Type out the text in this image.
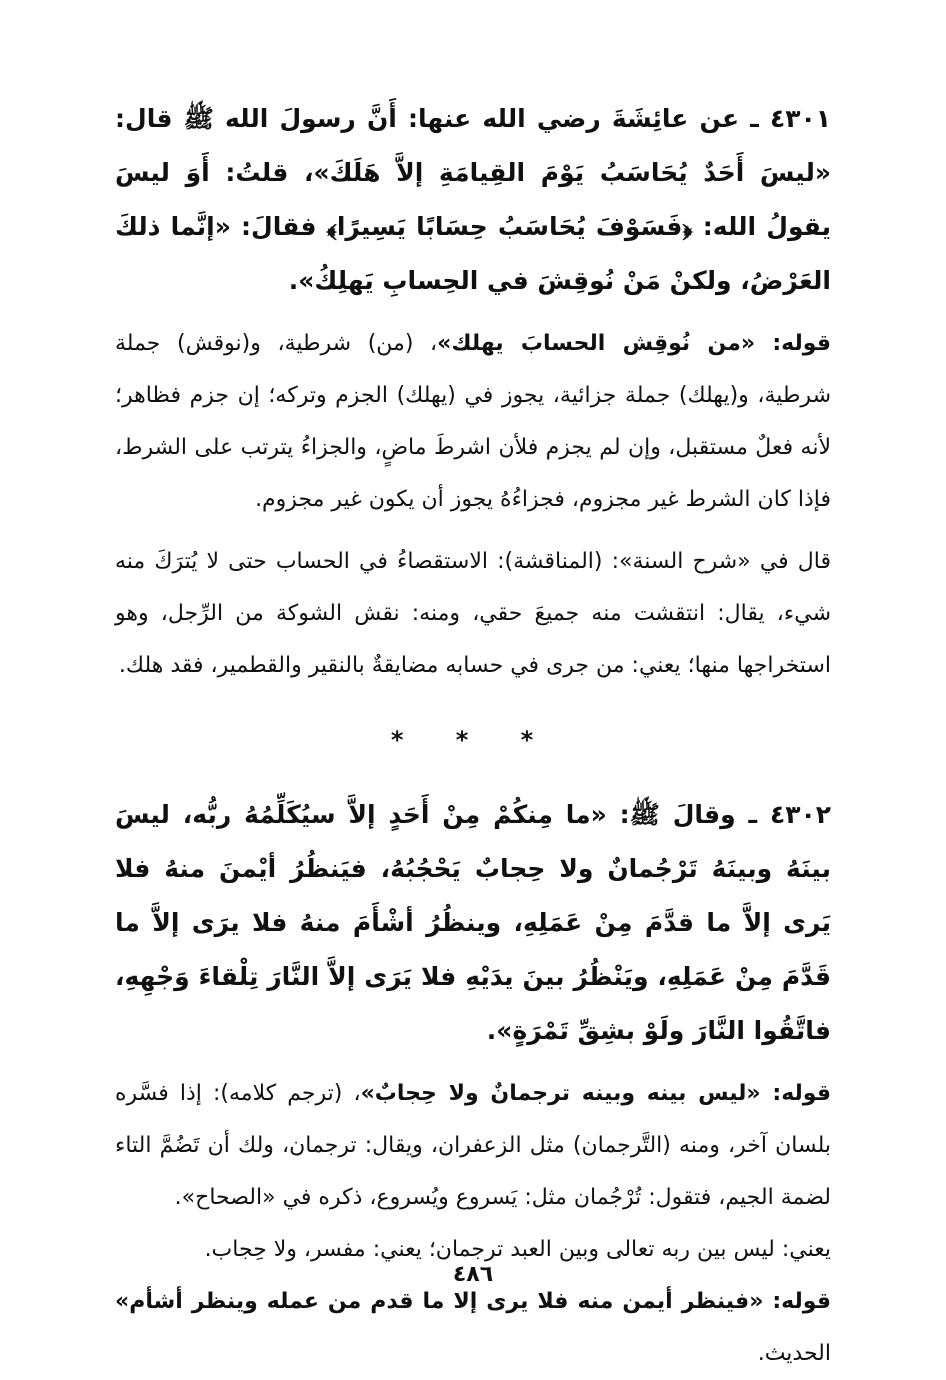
٤٣٠١ ـ عن عائِشَةَ رضي الله عنها: أَنَّ رسولَ الله ﷺ قال: «ليسَ أَحَدٌ يُحَاسَبُ يَوْمَ القِيامَةِ إلاَّ هَلَكَ»، قلتُ: أَوَ ليسَ يقولُ الله: ﴿فَسَوْفَ يُحَاسَبُ حِسَابًا يَسِيرًا﴾ فقالَ: «إنَّما ذلكَ العَرْضُ، ولكنْ مَنْ نُوقِشَ في الحِسابِ يَهلِكُ».

قوله: «من نُوقِش الحسابَ يهلك»، (من) شرطية، و(نوقش) جملة شرطية، و(يهلك) جملة جزائية، يجوز في (يهلك) الجزم وتركه؛ إن جزم فظاهر؛ لأنه فعلٌ مستقبل، وإن لم يجزم فلأن اشرطَ ماضٍ، والجزاءُ يترتب على الشرط، فإذا كان الشرط غير مجزوم، فجزاءُهُ يجوز أن يكون غير مجزوم.

قال في «شرح السنة»: (المناقشة): الاستقصاءُ في الحساب حتى لا يُترَكَ منه شيء، يقال: انتقشت منه جميعَ حقي، ومنه: نقش الشوكة من الرِّجل، وهو استخراجها منها؛ يعني: من جرى في حسابه مضايقةٌ بالنقير والقطمير، فقد هلك.

* * *

٤٣٠٢ ـ وقالَ ﷺ: «ما مِنكُمْ مِنْ أَحَدٍ إلاَّ سيُكَلِّمُهُ ربُّه، ليسَ بينَهُ وبينَهُ تَرْجُمانٌ ولا حِجابٌ يَحْجُبُهُ، فيَنظُرُ أيْمنَ منهُ فلا يَرى إلاَّ ما قدَّمَ مِنْ عَمَلِهِ، وينظُرُ أشْأَمَ منهُ فلا يرَى إلاَّ ما قَدَّمَ مِنْ عَمَلِهِ، ويَنْظُرُ بينَ يدَيْهِ فلا يَرَى إلاَّ النَّارَ تِلْقاءَ وَجْهِهِ، فاتَّقُوا النَّارَ ولَوْ بشِقِّ تَمْرَةٍ».

قوله: «ليس بينه وبينه ترجمانٌ ولا حِجابٌ»، (ترجم كلامه): إذا فسَّره بلسان آخر، ومنه (التَّرجمان) مثل الزعفران، ويقال: ترجمان، ولك أن تَضُمَّ التاء لضمة الجيم، فتقول: تُرْجُمان مثل: يَسروع ويُسروع، ذكره في «الصحاح».

يعني: ليس بين ربه تعالى وبين العبد ترجمان؛ يعني: مفسر، ولا حِجاب.

قوله: «فينظر أيمن منه فلا يرى إلا ما قدم من عمله وينظر أشأم» الحديث.

٤٨٦
